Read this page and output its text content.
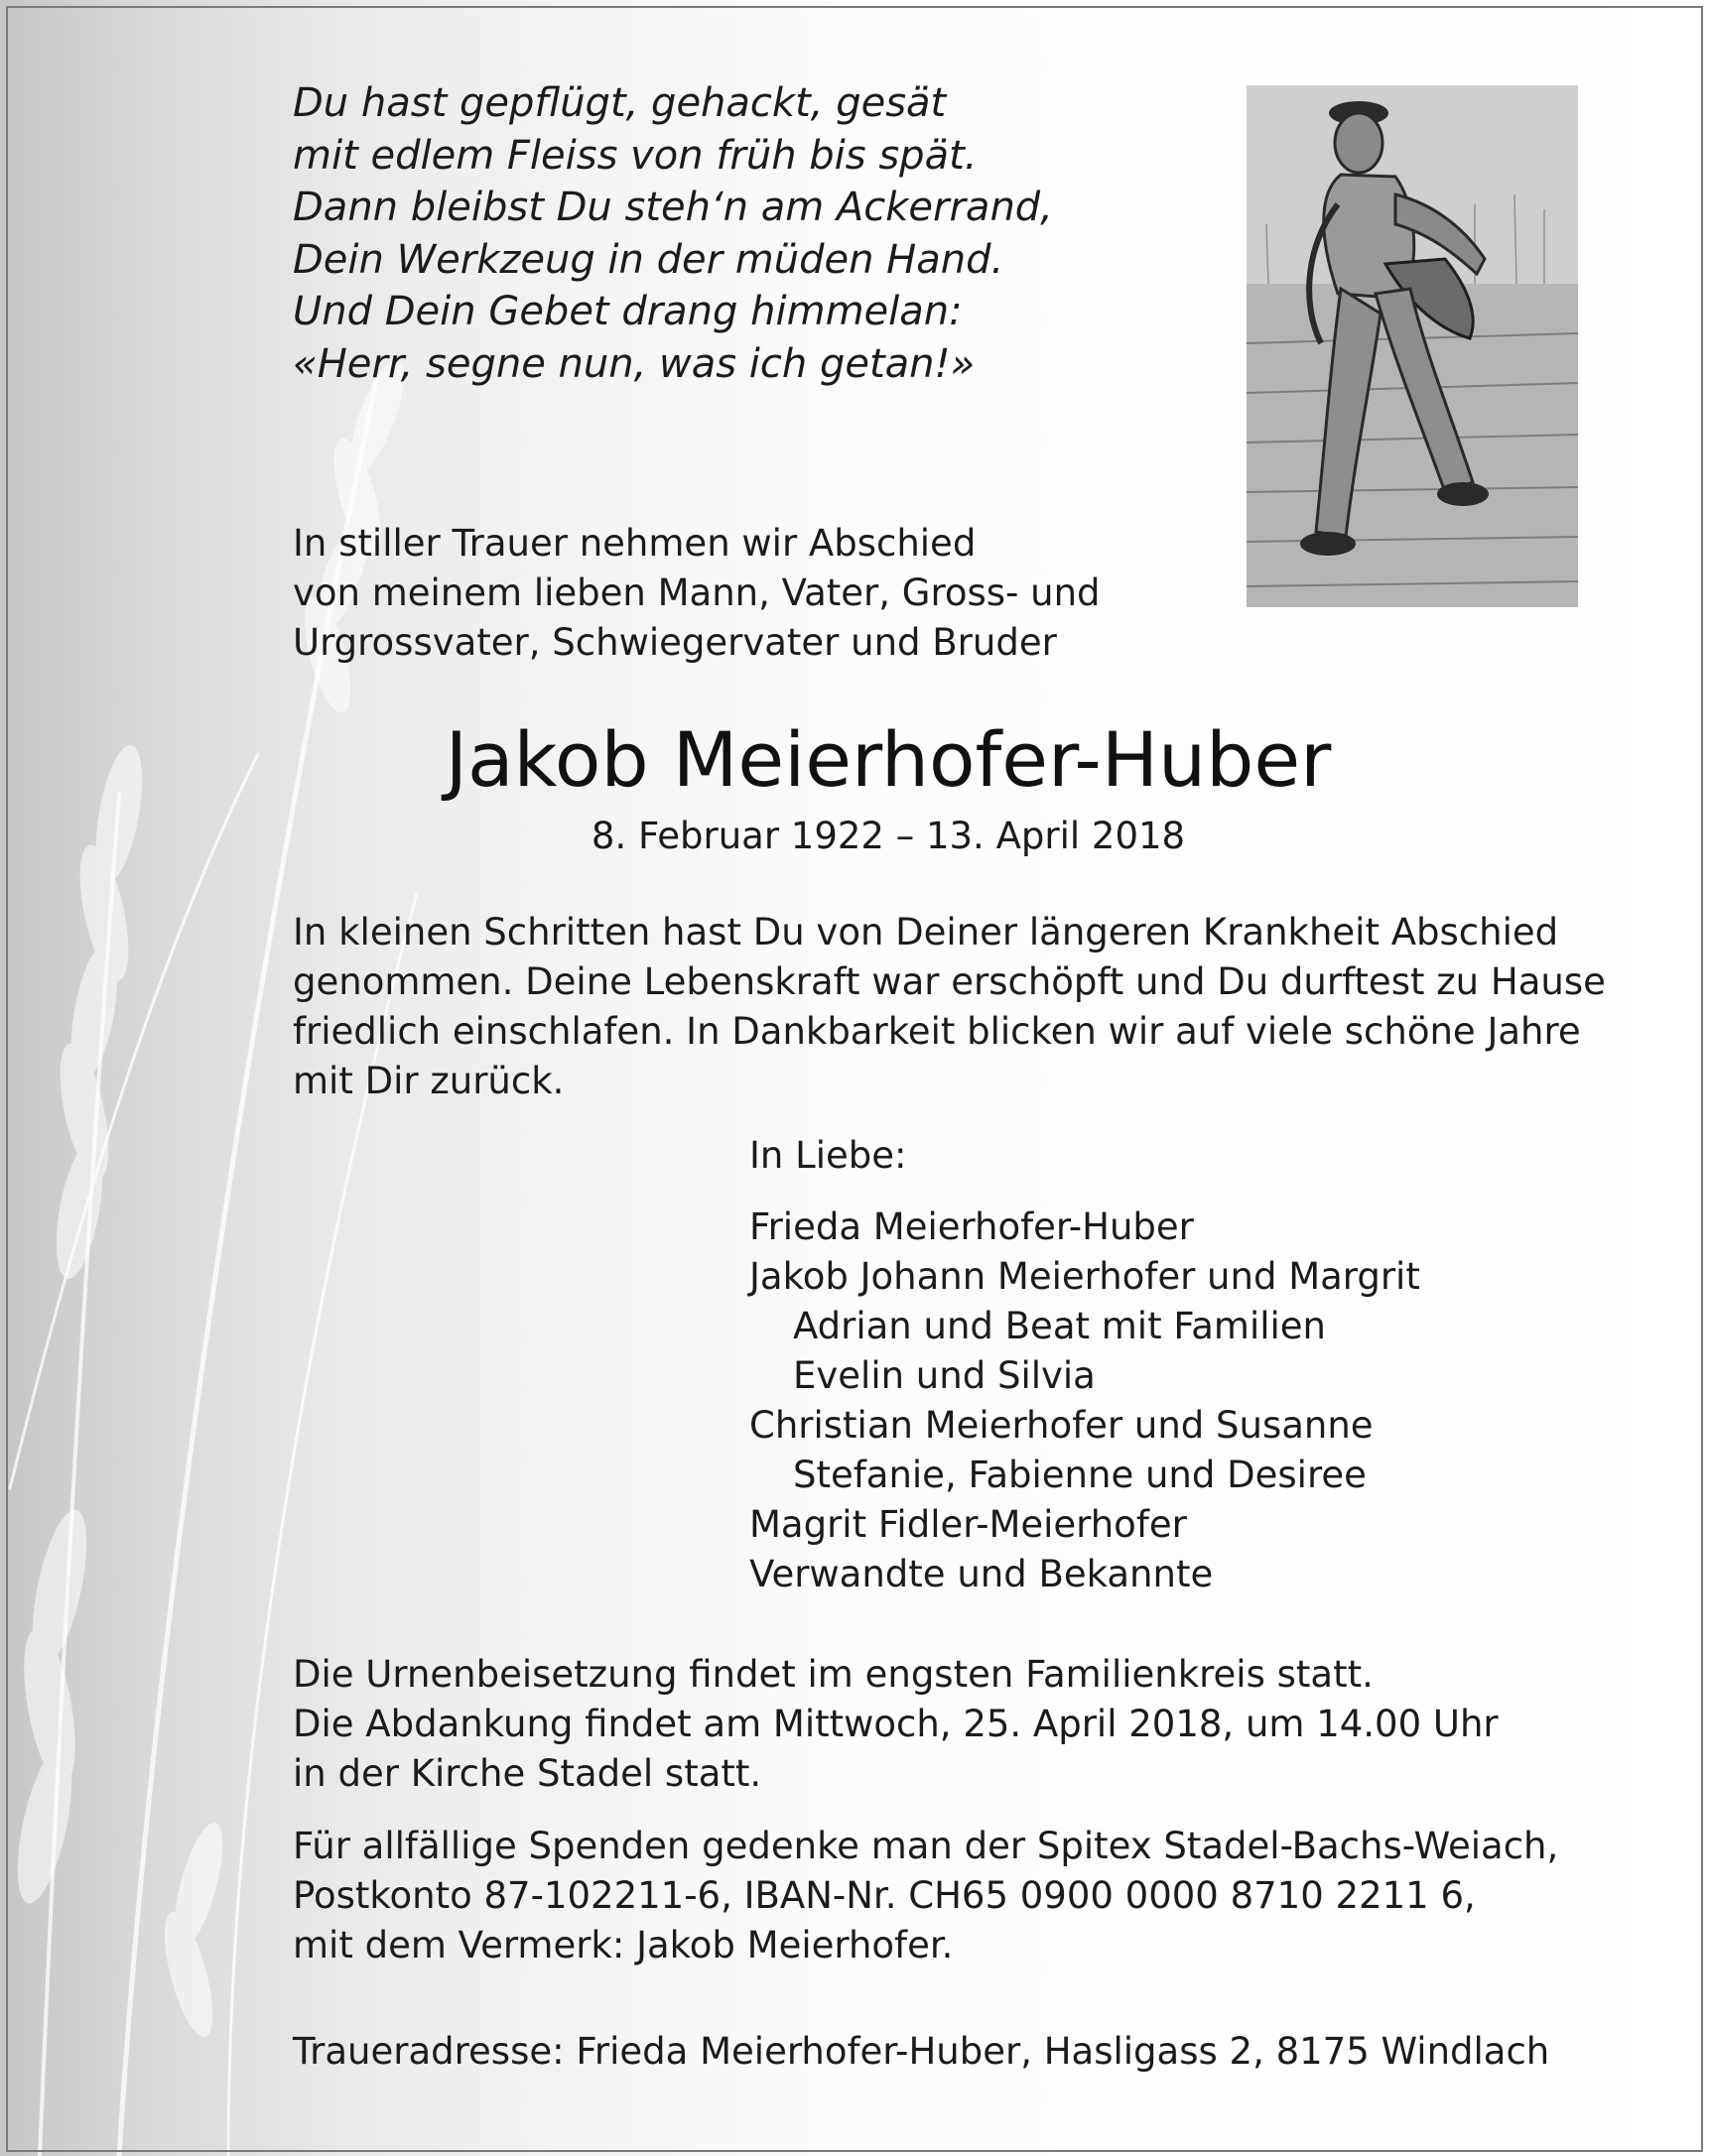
Du hast gepflügt, gehackt, gesät
mit edlem Fleiss von früh bis spät.
Dann bleibst Du steh‘n am Ackerrand,
Dein Werkzeug in der müden Hand.
Und Dein Gebet drang himmelan:
«Herr, segne nun, was ich getan!»
In stiller Trauer nehmen wir Abschied
von meinem lieben Mann, Vater, Gross- und
Urgrossvater, Schwiegervater und Bruder
Jakob Meierhofer-Huber
8. Februar 1922 – 13. April 2018
In kleinen Schritten hast Du von Deiner längeren Krankheit Abschied
genommen. Deine Lebenskraft war erschöpft und Du durftest zu Hause
friedlich einschlafen. In Dankbarkeit blicken wir auf viele schöne Jahre
mit Dir zurück.
In Liebe:
Frieda Meierhofer-Huber
Jakob Johann Meierhofer und Margrit
Adrian und Beat mit Familien
Evelin und Silvia
Christian Meierhofer und Susanne
Stefanie, Fabienne und Desiree
Magrit Fidler-Meierhofer
Verwandte und Bekannte
Die Urnenbeisetzung findet im engsten Familienkreis statt.
Die Abdankung findet am Mittwoch, 25. April 2018, um 14.00 Uhr
in der Kirche Stadel statt.
Für allfällige Spenden gedenke man der Spitex Stadel-Bachs-Weiach,
Postkonto 87-102211-6, IBAN-Nr. CH65 0900 0000 8710 2211 6,
mit dem Vermerk: Jakob Meierhofer.
Traueradresse: Frieda Meierhofer-Huber, Hasligass 2, 8175 Windlach
